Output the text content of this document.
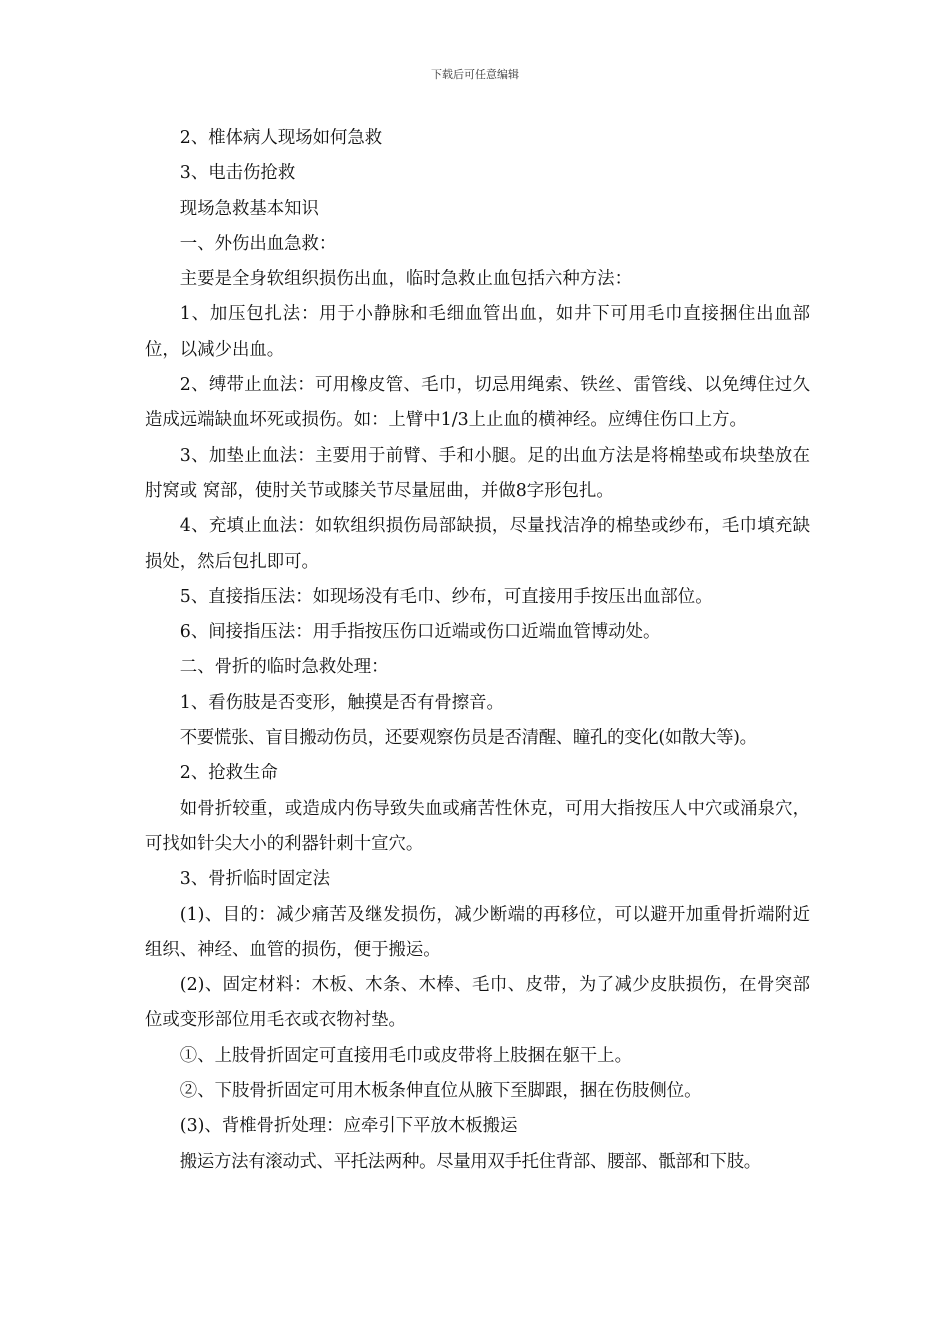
下载后可任意编辑

2、椎体病人现场如何急救

3、电击伤抢救

现场急救基本知识

一、外伤出血急救：

主要是全身软组织损伤出血，临时急救止血包括六种方法：

1、加压包扎法：用于小静脉和毛细血管出血，如井下可用毛巾直接捆住出血部位，以减少出血。

2、缚带止血法：可用橡皮管、毛巾，切忌用绳索、铁丝、雷管线、以免缚住过久造成远端缺血坏死或损伤。如：上臂中1/3上止血的横神经。应缚住伤口上方。

3、加垫止血法：主要用于前臂、手和小腿。足的出血方法是将棉垫或布块垫放在肘窝或 窝部，使肘关节或膝关节尽量屈曲，并做8字形包扎。

4、充填止血法：如软组织损伤局部缺损，尽量找洁净的棉垫或纱布，毛巾填充缺损处，然后包扎即可。

5、直接指压法：如现场没有毛巾、纱布，可直接用手按压出血部位。

6、间接指压法：用手指按压伤口近端或伤口近端血管博动处。

二、骨折的临时急救处理：

1、看伤肢是否变形，触摸是否有骨擦音。

不要慌张、盲目搬动伤员，还要观察伤员是否清醒、瞳孔的变化(如散大等)。

2、抢救生命

如骨折较重，或造成内伤导致失血或痛苦性休克，可用大指按压人中穴或涌泉穴，可找如针尖大小的利器针刺十宣穴。

3、骨折临时固定法

(1)、目的：减少痛苦及继发损伤，减少断端的再移位，可以避开加重骨折端附近组织、神经、血管的损伤，便于搬运。

(2)、固定材料：木板、木条、木棒、毛巾、皮带，为了减少皮肤损伤，在骨突部位或变形部位用毛衣或衣物衬垫。

①、上肢骨折固定可直接用毛巾或皮带将上肢捆在躯干上。

②、下肢骨折固定可用木板条伸直位从腋下至脚跟，捆在伤肢侧位。

(3)、背椎骨折处理：应牵引下平放木板搬运

搬运方法有滚动式、平托法两种。尽量用双手托住背部、腰部、骶部和下肢。
